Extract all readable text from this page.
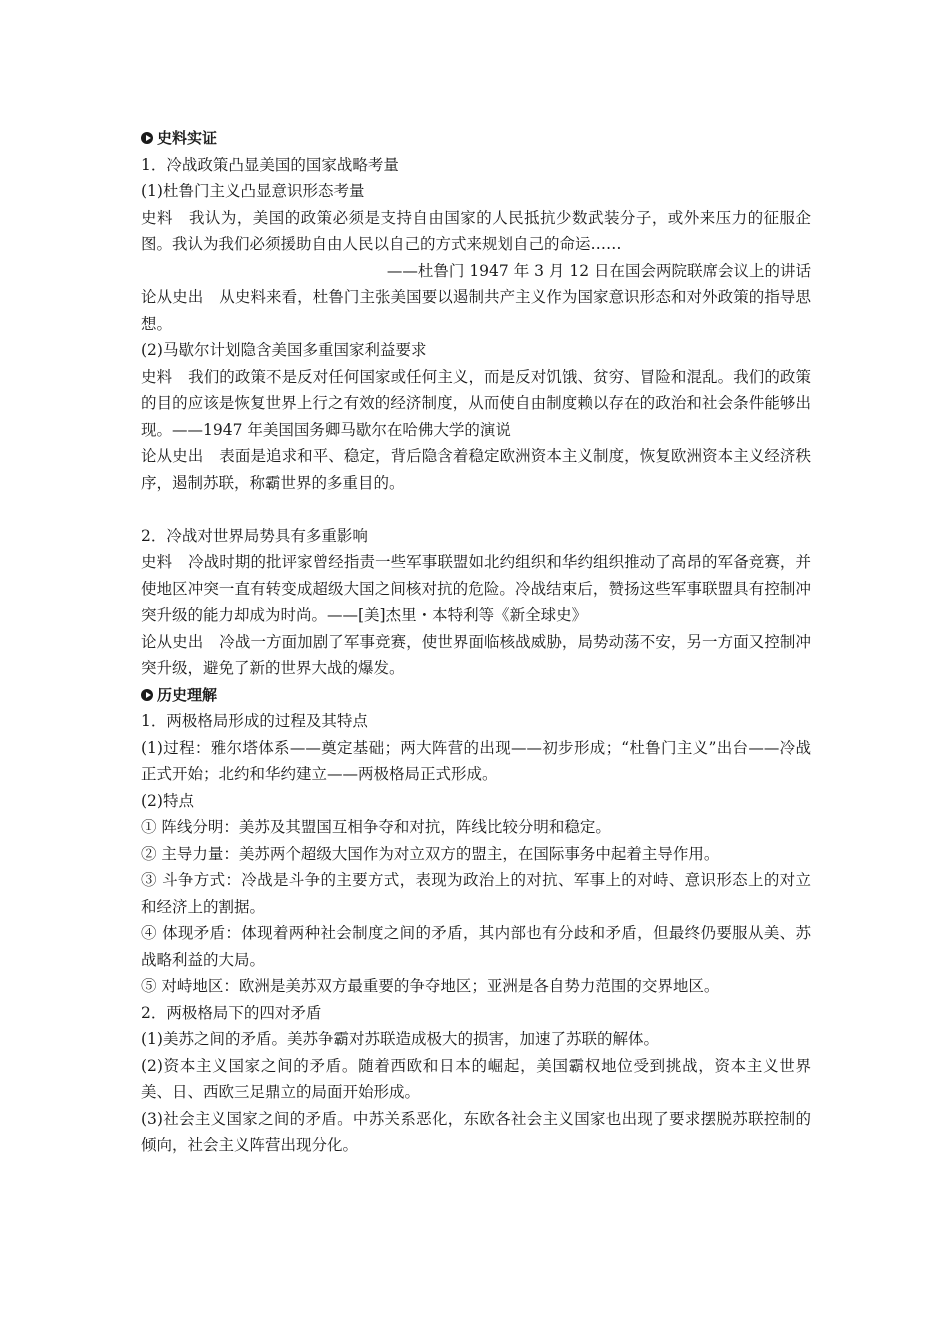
史料实证

1．冷战政策凸显美国的国家战略考量

(1)杜鲁门主义凸显意识形态考量

史料 我认为，美国的政策必须是支持自由国家的人民抵抗少数武装分子，或外来压力的征服企图。我认为我们必须援助自由人民以自己的方式来规划自己的命运……

——杜鲁门 1947 年 3 月 12 日在国会两院联席会议上的讲话

论从史出 从史料来看，杜鲁门主张美国要以遏制共产主义作为国家意识形态和对外政策的指导思想。

(2)马歇尔计划隐含美国多重国家利益要求

史料 我们的政策不是反对任何国家或任何主义，而是反对饥饿、贫穷、冒险和混乱。我们的政策的目的应该是恢复世界上行之有效的经济制度，从而使自由制度赖以存在的政治和社会条件能够出现。——1947 年美国国务卿马歇尔在哈佛大学的演说

论从史出 表面是追求和平、稳定，背后隐含着稳定欧洲资本主义制度，恢复欧洲资本主义经济秩序，遏制苏联，称霸世界的多重目的。

2．冷战对世界局势具有多重影响

史料 冷战时期的批评家曾经指责一些军事联盟如北约组织和华约组织推动了高昂的军备竞赛，并使地区冲突一直有转变成超级大国之间核对抗的危险。冷战结束后，赞扬这些军事联盟具有控制冲突升级的能力却成为时尚。——[美]杰里・本特利等《新全球史》

论从史出 冷战一方面加剧了军事竞赛，使世界面临核战威胁，局势动荡不安，另一方面又控制冲突升级，避免了新的世界大战的爆发。

历史理解

1．两极格局形成的过程及其特点

(1)过程：雅尔塔体系——奠定基础；两大阵营的出现——初步形成；“杜鲁门主义”出台——冷战正式开始；北约和华约建立——两极格局正式形成。

(2)特点

① 阵线分明：美苏及其盟国互相争夺和对抗，阵线比较分明和稳定。

② 主导力量：美苏两个超级大国作为对立双方的盟主，在国际事务中起着主导作用。

③ 斗争方式：冷战是斗争的主要方式，表现为政治上的对抗、军事上的对峙、意识形态上的对立和经济上的割据。

④ 体现矛盾：体现着两种社会制度之间的矛盾，其内部也有分歧和矛盾，但最终仍要服从美、苏战略利益的大局。

⑤ 对峙地区：欧洲是美苏双方最重要的争夺地区；亚洲是各自势力范围的交界地区。

2．两极格局下的四对矛盾

(1)美苏之间的矛盾。美苏争霸对苏联造成极大的损害，加速了苏联的解体。

(2)资本主义国家之间的矛盾。随着西欧和日本的崛起，美国霸权地位受到挑战，资本主义世界美、日、西欧三足鼎立的局面开始形成。

(3)社会主义国家之间的矛盾。中苏关系恶化，东欧各社会主义国家也出现了要求摆脱苏联控制的倾向，社会主义阵营出现分化。
